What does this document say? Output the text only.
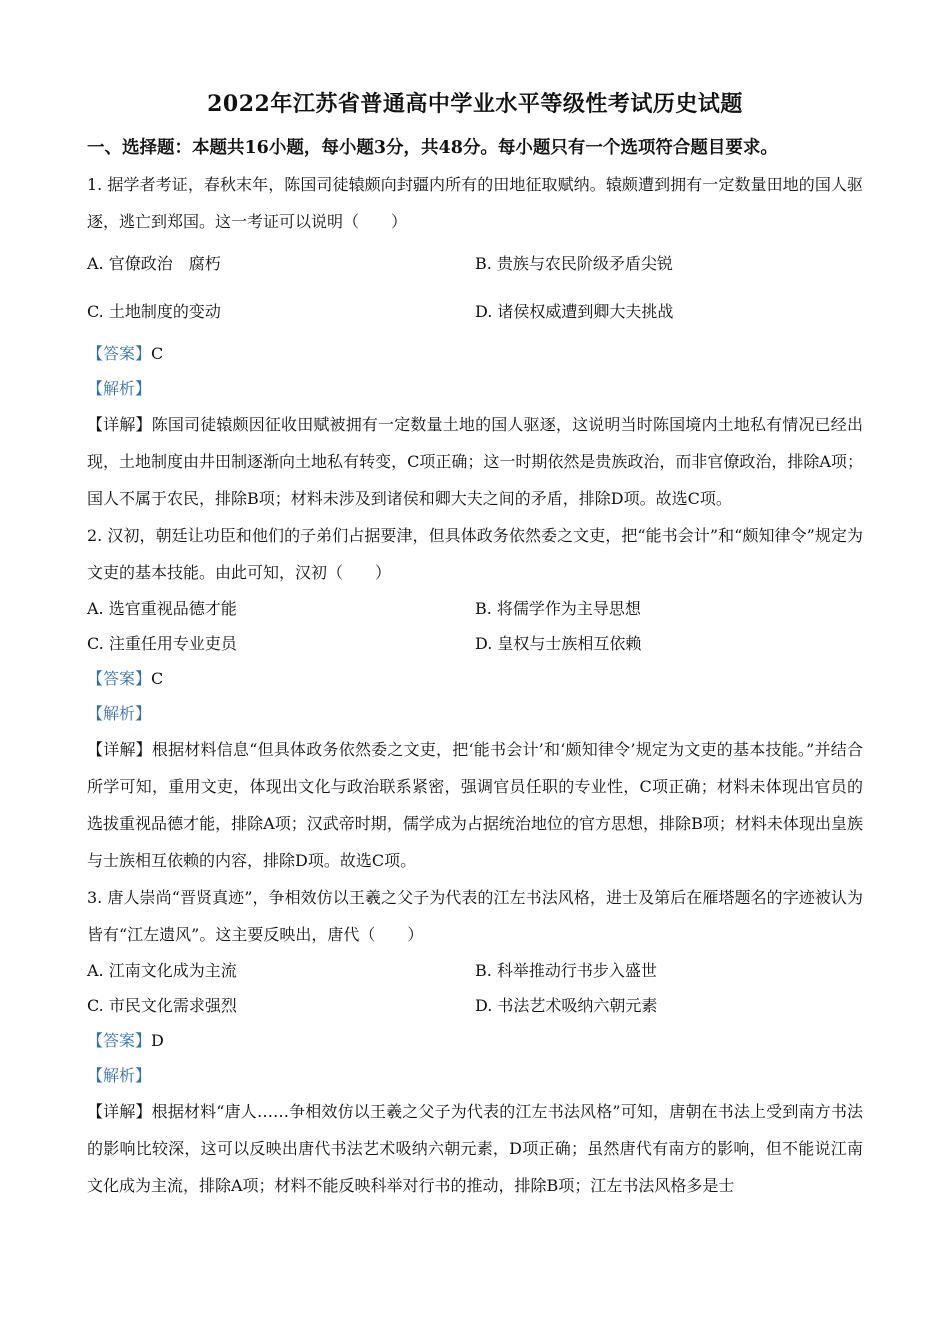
2022年江苏省普通高中学业水平等级性考试历史试题
一、选择题：本题共16小题，每小题3分，共48分。每小题只有一个选项符合题目要求。

1. 据学者考证，春秋末年，陈国司徒辕颇向封疆内所有的田地征取赋纳。辕颇遭到拥有一定数量田地的国人驱逐，逃亡到郑国。这一考证可以说明（　　）

A. 官僚政治　腐朽	B. 贵族与农民阶级矛盾尖锐
C. 土地制度的变动	D. 诸侯权威遭到卿大夫挑战
【答案】C
【解析】

【详解】陈国司徒辕颇因征收田赋被拥有一定数量土地的国人驱逐，这说明当时陈国境内土地私有情况已经出现，土地制度由井田制逐渐向土地私有转变，C项正确；这一时期依然是贵族政治，而非官僚政治，排除A项；国人不属于农民，排除B项；材料未涉及到诸侯和卿大夫之间的矛盾，排除D项。故选C项。

2. 汉初，朝廷让功臣和他们的子弟们占据要津，但具体政务依然委之文吏，把“能书会计”和“颇知律令”规定为文吏的基本技能。由此可知，汉初（　　）

A. 选官重视品德才能	B. 将儒学作为主导思想
C. 注重任用专业吏员	D. 皇权与士族相互依赖
【答案】C
【解析】

【详解】根据材料信息“但具体政务依然委之文吏，把‘能书会计’和‘颇知律令’规定为文吏的基本技能。”并结合所学可知，重用文吏，体现出文化与政治联系紧密，强调官员任职的专业性，C项正确；材料未体现出官员的选拔重视品德才能，排除A项；汉武帝时期，儒学成为占据统治地位的官方思想，排除B项；材料未体现出皇族与士族相互依赖的内容，排除D项。故选C项。

3. 唐人崇尚“晋贤真迹”，争相效仿以王羲之父子为代表的江左书法风格，进士及第后在雁塔题名的字迹被认为皆有“江左遗风”。这主要反映出，唐代（　　）

A. 江南文化成为主流	B. 科举推动行书步入盛世
C. 市民文化需求强烈	D. 书法艺术吸纳六朝元素
【答案】D
【解析】

【详解】根据材料“唐人……争相效仿以王羲之父子为代表的江左书法风格”可知，唐朝在书法上受到南方书法的影响比较深，这可以反映出唐代书法艺术吸纳六朝元素，D项正确；虽然唐代有南方的影响，但不能说江南文化成为主流，排除A项；材料不能反映科举对行书的推动，排除B项；江左书法风格多是士
